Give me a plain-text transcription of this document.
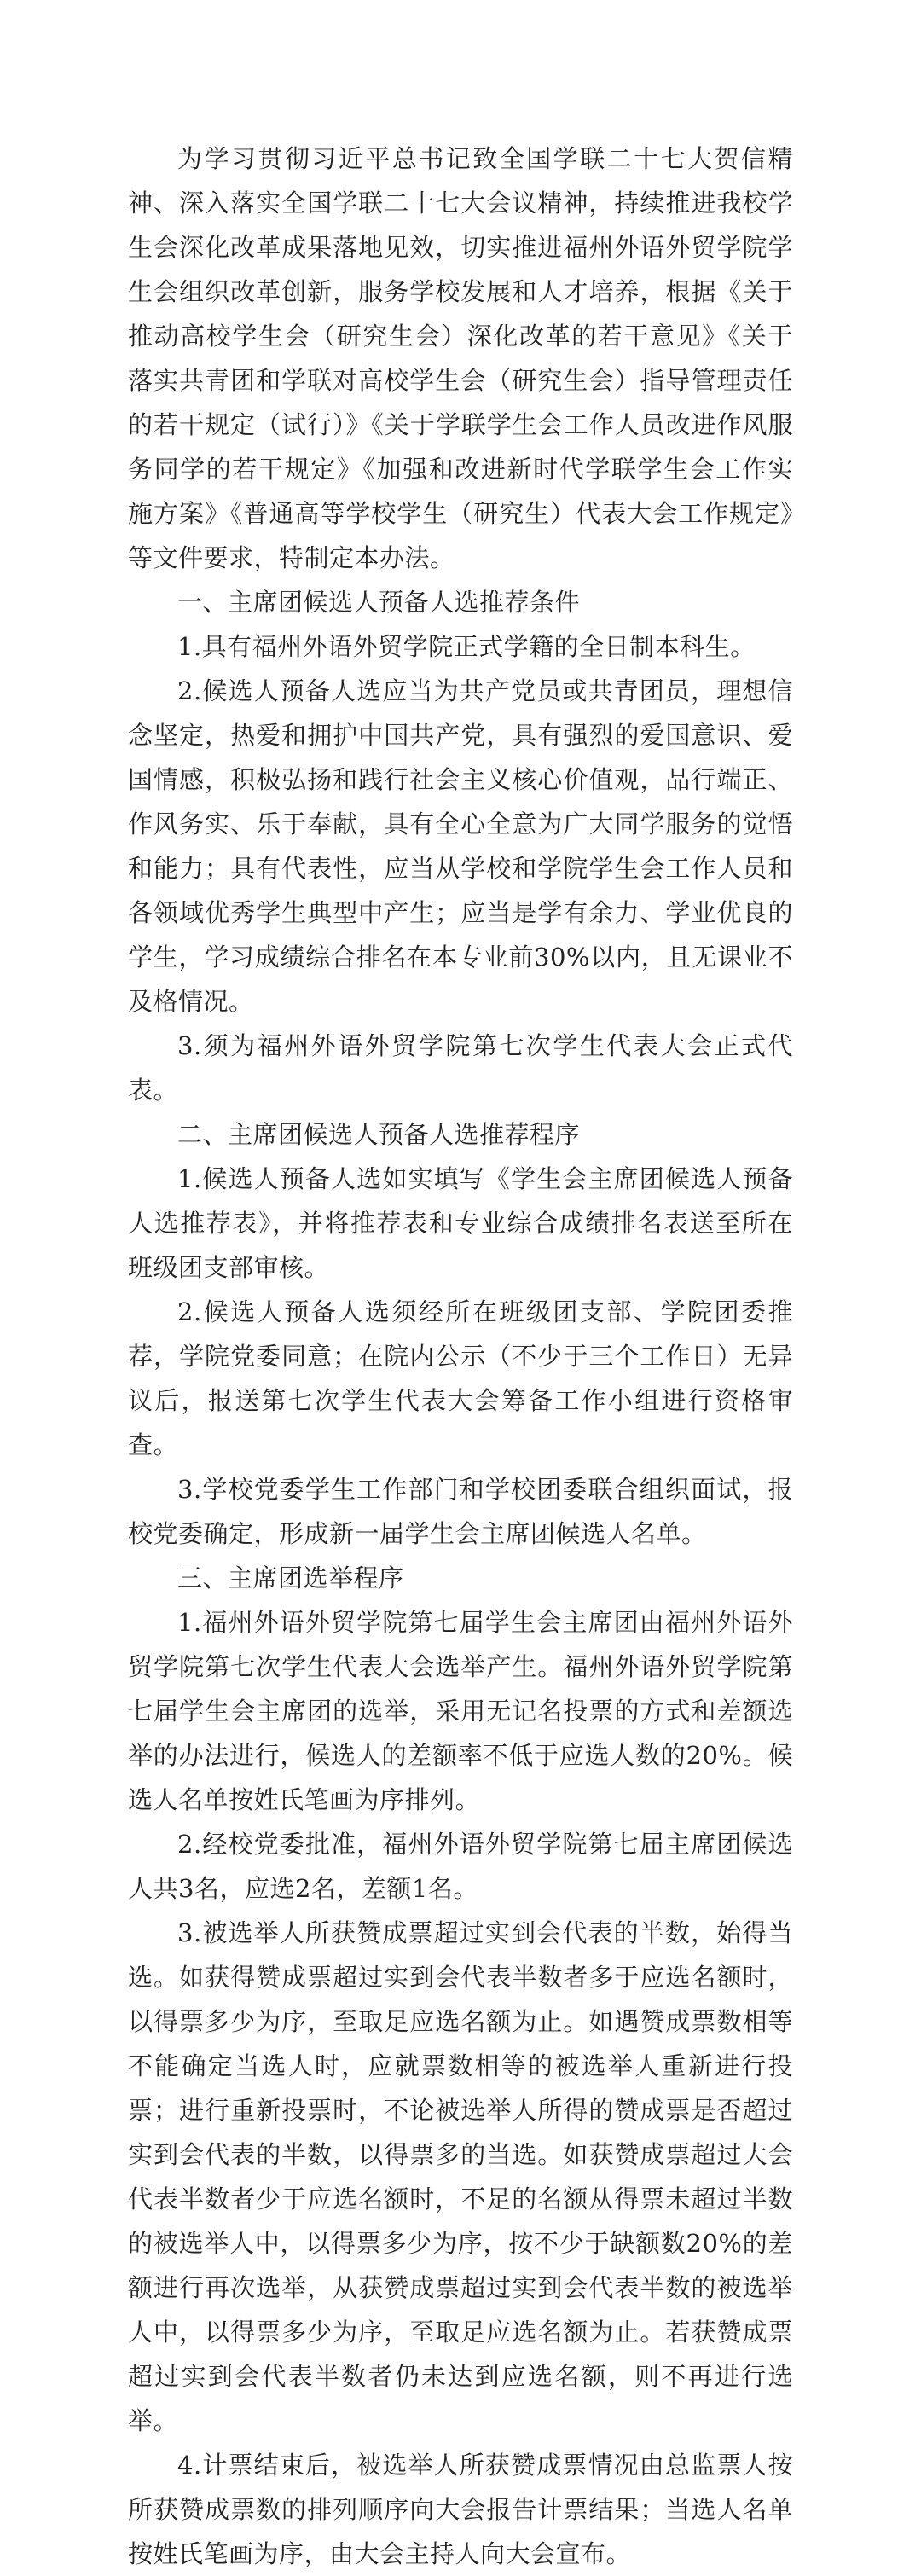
为学习贯彻习近平总书记致全国学联二十七大贺信精神、深入落实全国学联二十七大会议精神，持续推进我校学生会深化改革成果落地见效，切实推进福州外语外贸学院学生会组织改革创新，服务学校发展和人才培养，根据《关于推动高校学生会（研究生会）深化改革的若干意见》《关于落实共青团和学联对高校学生会（研究生会）指导管理责任的若干规定（试行）》《关于学联学生会工作人员改进作风服务同学的若干规定》《加强和改进新时代学联学生会工作实施方案》《普通高等学校学生（研究生）代表大会工作规定》等文件要求，特制定本办法。

一、主席团候选人预备人选推荐条件

1.具有福州外语外贸学院正式学籍的全日制本科生。

2.候选人预备人选应当为共产党员或共青团员，理想信念坚定，热爱和拥护中国共产党，具有强烈的爱国意识、爱国情感，积极弘扬和践行社会主义核心价值观，品行端正、作风务实、乐于奉献，具有全心全意为广大同学服务的觉悟和能力；具有代表性，应当从学校和学院学生会工作人员和各领域优秀学生典型中产生；应当是学有余力、学业优良的学生，学习成绩综合排名在本专业前30%以内，且无课业不及格情况。

3.须为福州外语外贸学院第七次学生代表大会正式代表。

二、主席团候选人预备人选推荐程序

1.候选人预备人选如实填写《学生会主席团候选人预备人选推荐表》，并将推荐表和专业综合成绩排名表送至所在班级团支部审核。

2.候选人预备人选须经所在班级团支部、学院团委推荐，学院党委同意；在院内公示（不少于三个工作日）无异议后，报送第七次学生代表大会筹备工作小组进行资格审查。

3.学校党委学生工作部门和学校团委联合组织面试，报校党委确定，形成新一届学生会主席团候选人名单。

三、主席团选举程序

1.福州外语外贸学院第七届学生会主席团由福州外语外贸学院第七次学生代表大会选举产生。福州外语外贸学院第七届学生会主席团的选举，采用无记名投票的方式和差额选举的办法进行，候选人的差额率不低于应选人数的20%。候选人名单按姓氏笔画为序排列。

2.经校党委批准，福州外语外贸学院第七届主席团候选人共3名，应选2名，差额1名。

3.被选举人所获赞成票超过实到会代表的半数，始得当选。如获得赞成票超过实到会代表半数者多于应选名额时，以得票多少为序，至取足应选名额为止。如遇赞成票数相等不能确定当选人时，应就票数相等的被选举人重新进行投票；进行重新投票时，不论被选举人所得的赞成票是否超过实到会代表的半数，以得票多的当选。如获赞成票超过大会代表半数者少于应选名额时，不足的名额从得票未超过半数的被选举人中，以得票多少为序，按不少于缺额数20%的差额进行再次选举，从获赞成票超过实到会代表半数的被选举人中，以得票多少为序，至取足应选名额为止。若获赞成票超过实到会代表半数者仍未达到应选名额，则不再进行选举。

4.计票结束后，被选举人所获赞成票情况由总监票人按所获赞成票数的排列顺序向大会报告计票结果；当选人名单按姓氏笔画为序，由大会主持人向大会宣布。
